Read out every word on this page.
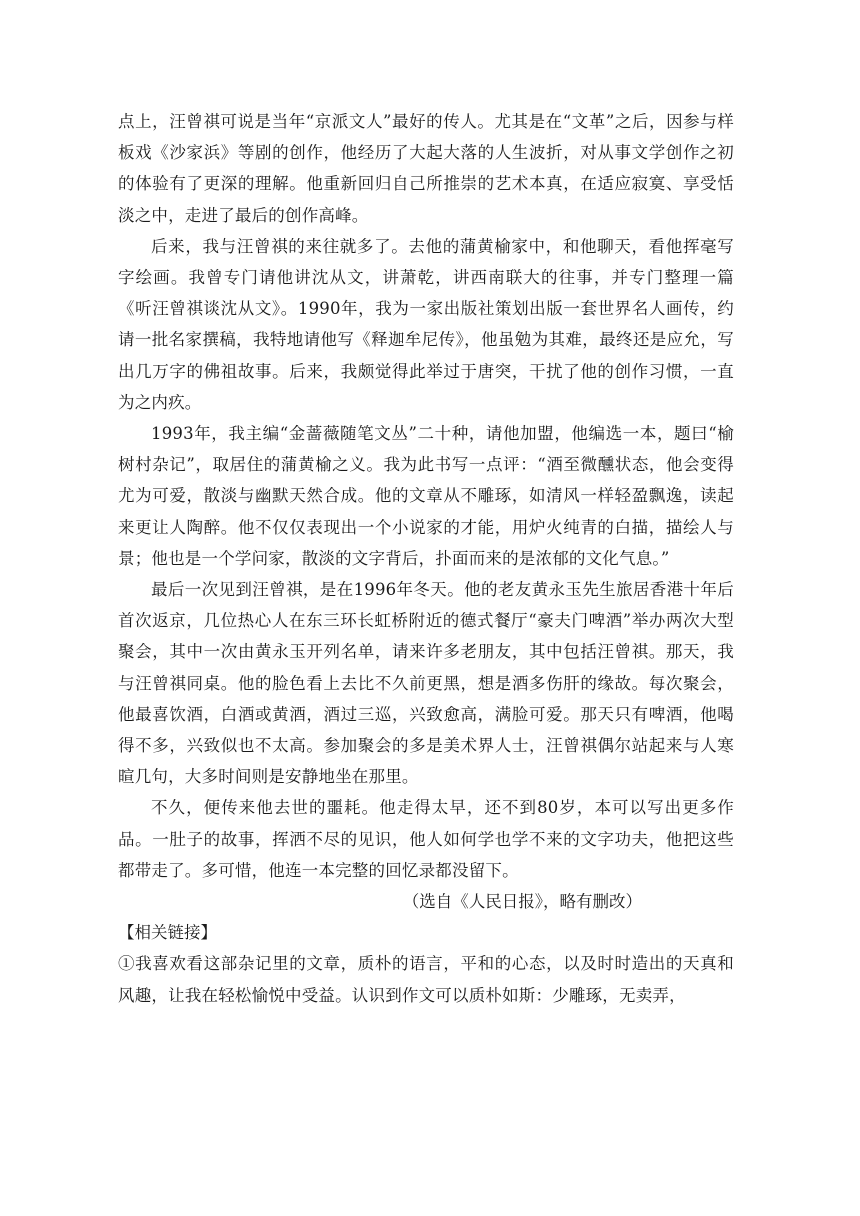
点上，汪曾祺可说是当年“京派文人”最好的传人。尤其是在“文革”之后，因参与样板戏《沙家浜》等剧的创作，他经历了大起大落的人生波折，对从事文学创作之初的体验有了更深的理解。他重新回归自己所推崇的艺术本真，在适应寂寞、享受恬淡之中，走进了最后的创作高峰。

后来，我与汪曾祺的来往就多了。去他的蒲黄榆家中，和他聊天，看他挥毫写字绘画。我曾专门请他讲沈从文，讲萧乾，讲西南联大的往事，并专门整理一篇《听汪曾祺谈沈从文》。1990年，我为一家出版社策划出版一套世界名人画传，约请一批名家撰稿，我特地请他写《释迦牟尼传》，他虽勉为其难，最终还是应允，写出几万字的佛祖故事。后来，我颇觉得此举过于唐突，干扰了他的创作习惯，一直为之内疚。

1993年，我主编“金蔷薇随笔文丛”二十种，请他加盟，他编选一本，题曰“榆树村杂记”，取居住的蒲黄榆之义。我为此书写一点评：“酒至微醺状态，他会变得尤为可爱，散淡与幽默天然合成。他的文章从不雕琢，如清风一样轻盈飘逸，读起来更让人陶醉。他不仅仅表现出一个小说家的才能，用炉火纯青的白描，描绘人与景；他也是一个学问家，散淡的文字背后，扑面而来的是浓郁的文化气息。”

最后一次见到汪曾祺，是在1996年冬天。他的老友黄永玉先生旅居香港十年后首次返京，几位热心人在东三环长虹桥附近的德式餐厅“豪夫门啤酒”举办两次大型聚会，其中一次由黄永玉开列名单，请来许多老朋友，其中包括汪曾祺。那天，我与汪曾祺同桌。他的脸色看上去比不久前更黑，想是酒多伤肝的缘故。每次聚会，他最喜饮酒，白酒或黄酒，酒过三巡，兴致愈高，满脸可爱。那天只有啤酒，他喝得不多，兴致似也不太高。参加聚会的多是美术界人士，汪曾祺偶尔站起来与人寒暄几句，大多时间则是安静地坐在那里。

不久，便传来他去世的噩耗。他走得太早，还不到80岁，本可以写出更多作品。一肚子的故事，挥洒不尽的见识，他人如何学也学不来的文字功夫，他把这些都带走了。多可惜，他连一本完整的回忆录都没留下。

（选自《人民日报》，略有删改）

【相关链接】

①我喜欢看这部杂记里的文章，质朴的语言，平和的心态，以及时时造出的天真和风趣，让我在轻松愉悦中受益。认识到作文可以质朴如斯：少雕琢，无卖弄，
